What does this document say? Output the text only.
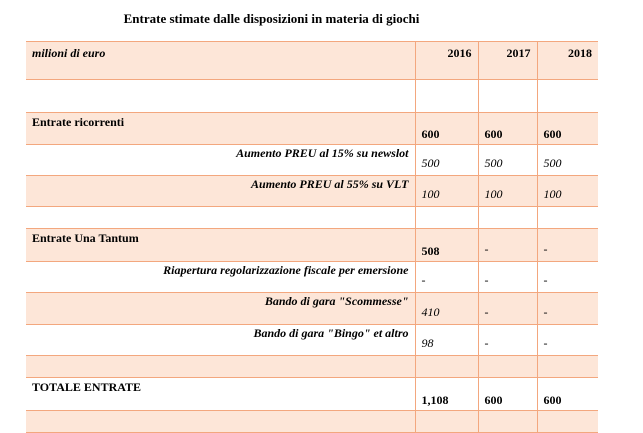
Entrate stimate dalle disposizioni in materia di giochi
milioni di euro	2016	2017	2018

Entrate ricorrenti	600	600	600
Aumento PREU al 15% su newslot	500	500	500
Aumento PREU al 55% su VLT	100	100	100

Entrate Una Tantum	508	-	-
Riapertura regolarizzazione fiscale per emersione	-	-	-
Bando di gara "Scommesse"	410	-	-
Bando di gara "Bingo" et altro	98	-	-

TOTALE ENTRATE	1,108	600	600
